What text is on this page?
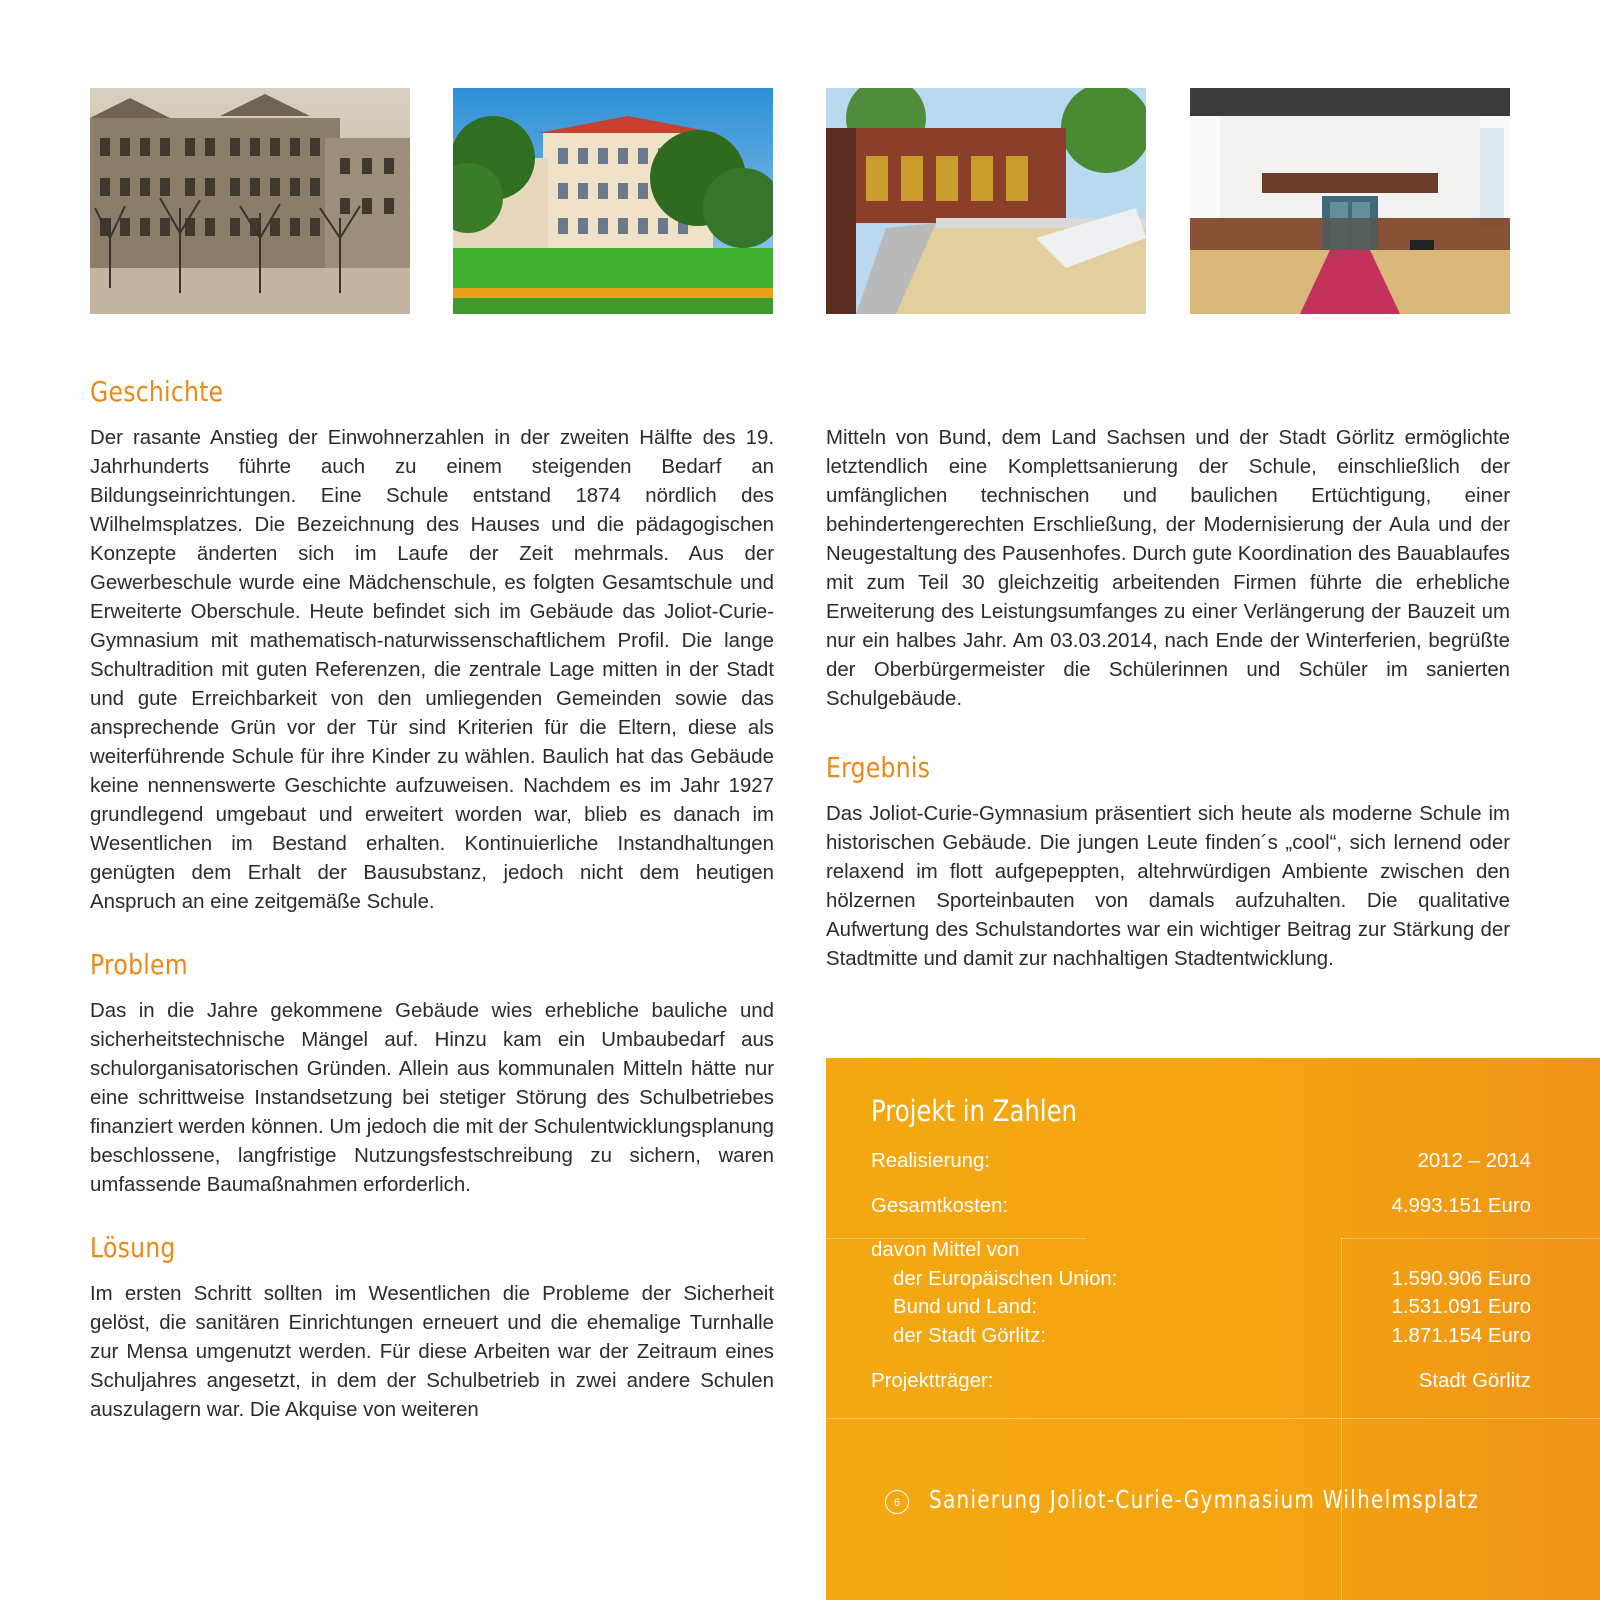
Geschichte

Der rasante Anstieg der Einwohnerzahlen in der zweiten Hälfte des 19. Jahrhunderts führte auch zu einem steigenden Bedarf an Bildungseinrichtungen. Eine Schule entstand 1874 nördlich des Wilhelmsplatzes. Die Bezeichnung des Hauses und die pädagogischen Konzepte änderten sich im Laufe der Zeit mehrmals. Aus der Gewerbeschule wurde eine Mädchenschule, es folgten Gesamtschule und Erweiterte Oberschule. Heute befindet sich im Gebäude das Joliot-Curie-Gymnasium mit mathematisch-naturwissenschaftlichem Profil. Die lange Schultradition mit guten Referenzen, die zentrale Lage mitten in der Stadt und gute Erreichbarkeit von den umliegenden Gemeinden sowie das ansprechende Grün vor der Tür sind Kriterien für die Eltern, diese als weiterführende Schule für ihre Kinder zu wählen. Baulich hat das Gebäude keine nennenswerte Geschichte aufzuweisen. Nachdem es im Jahr 1927 grundlegend umgebaut und erweitert worden war, blieb es danach im Wesentlichen im Bestand erhalten. Kontinuierliche Instandhaltungen genügten dem Erhalt der Bausubstanz, jedoch nicht dem heutigen Anspruch an eine zeitgemäße Schule.

Problem

Das in die Jahre gekommene Gebäude wies erhebliche bauliche und sicherheitstechnische Mängel auf. Hinzu kam ein Umbaubedarf aus schulorganisatorischen Gründen. Allein aus kommunalen Mitteln hätte nur eine schrittweise Instandsetzung bei stetiger Störung des Schulbetriebes finanziert werden können. Um jedoch die mit der Schulentwicklungsplanung beschlossene, langfristige Nutzungsfestschreibung zu sichern, waren umfassende Baumaßnahmen erforderlich.

Lösung

Im ersten Schritt sollten im Wesentlichen die Probleme der Sicherheit gelöst, die sanitären Einrichtungen erneuert und die ehemalige Turnhalle zur Mensa umgenutzt werden. Für diese Arbeiten war der Zeitraum eines Schuljahres angesetzt, in dem der Schulbetrieb in zwei andere Schulen auszulagern war. Die Akquise von weiteren

Mitteln von Bund, dem Land Sachsen und der Stadt Görlitz ermöglichte letztendlich eine Komplettsanierung der Schule, einschließlich der umfänglichen technischen und baulichen Ertüchtigung, einer behindertengerechten Erschließung, der Modernisierung der Aula und der Neugestaltung des Pausenhofes. Durch gute Koordination des Bauablaufes mit zum Teil 30 gleichzeitig arbeitenden Firmen führte die erhebliche Erweiterung des Leistungsumfanges zu einer Verlängerung der Bauzeit um nur ein halbes Jahr. Am 03.03.2014, nach Ende der Winterferien, begrüßte der Oberbürgermeister die Schülerinnen und Schüler im sanierten Schulgebäude.

Ergebnis

Das Joliot-Curie-Gymnasium präsentiert sich heute als moderne Schule im historischen Gebäude. Die jungen Leute finden´s „cool“, sich lernend oder relaxend im flott aufgepeppten, altehrwürdigen Ambiente zwischen den hölzernen Sporteinbauten von damals aufzuhalten. Die qualitative Aufwertung des Schulstandortes war ein wichtiger Beitrag zur Stärkung der Stadtmitte und damit zur nachhaltigen Stadtentwicklung.

Projekt in Zahlen
Realisierung:	2012 – 2014
Gesamtkosten:	4.993.151 Euro
davon Mittel von
der Europäischen Union:	1.590.906 Euro
Bund und Land:	1.531.091 Euro
der Stadt Görlitz:	1.871.154 Euro
Projektträger:	Stadt Görlitz
6	Sanierung Joliot-Curie-Gymnasium Wilhelmsplatz
